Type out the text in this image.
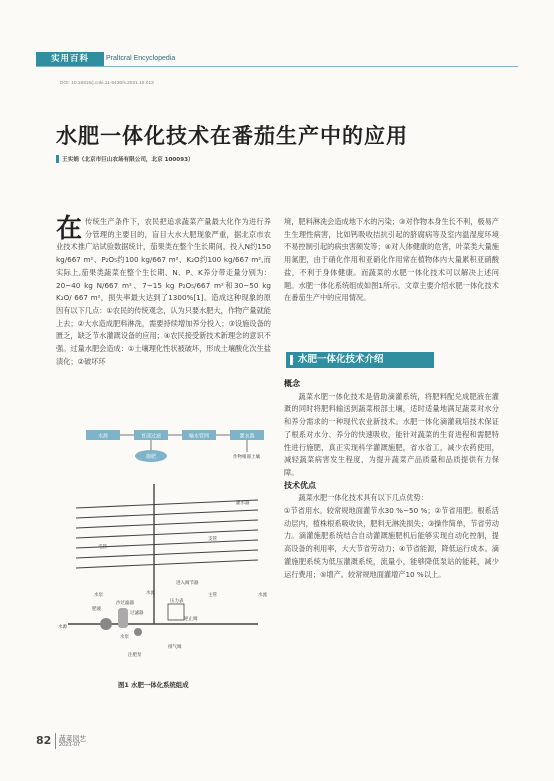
实用百科	Praltcral Encyclopedia
DOI: 10.16815/j.cnki.11-5436/s.2021.19.013
水肥一体化技术在番茄生产中的应用
王实娟（北京市巨山农场有限公司，北京 100093）

在传统生产条件下，农民把追求蔬菜产量最大化作为进行养分管理的主要目的，盲目大水大肥现象严重，据北京市农业技术推广站试验数据统计，茄果类在整个生长期间，投入N约150 kg/667 m²、P₂O₅约100 kg/667 m²、K₂O约100 kg/667 m²,而实际上,茄果类蔬菜在整个生长期、N、P、K养分带走量分别为：20~40 kg N/667 m²、7~15 kg P₂O₅/667 m²和30~50 kg K₂O/ 667 m²，损失率最大达到了1300%[1]。造成这种现象的原因有以下几点：①农民的传统观念，认为只要水肥大，作物产量就能上去；②大水造成肥料淋洗，需要持续增加养分投入；③设施设备的匮乏，缺乏节水灌溉设备的应用；④农民接受新技术新理念的意识不强。过量水肥会造成：①土壤理化性状被破坏，形成土壤酸化次生盐渍化；②破坏环

境，肥料淋洗会造成地下水的污染；③对作物本身生长不利，极易产生生理性病害，比如钙吸收拮抗引起的脐腐病等及室内温湿度环境不易控制引起的病虫害频发等；④对人体健康的危害，叶菜类大量施用氮肥，由于硝化作用和亚硝化作用常在植物体内大量累积亚硝酸盐，不利于身体健康。而蔬菜的水肥一体化技术可以解决上述问题。水肥一体化系统组成如图1所示。文章主要介绍水肥一体化技术在番茄生产中的应用情况。

水肥一体化技术介绍

概念

蔬菜水肥一体化技术是借助滴灌系统，将肥料配兑成肥液在灌溉的同时将肥料输送到蔬菜根部土壤，适时适量地满足蔬菜对水分和养分需求的一种现代农业新技术。水肥一体化滴灌栽培技术保证了根系对水分、养分的快速吸收，能针对蔬菜的生育进程和需肥特性进行施肥，真正实现科学灌溉施肥，省水省工，减少农药使用，减轻蔬菜病害发生程度，为提升蔬菜产品质量和品质提供有力保障。

技术优点

蔬菜水肥一体化技术具有以下几点优势：

①节省用水。较常规地面灌节水30 %~50 %；②节省用肥。根系活动层内，植株根系吸收快，肥料无淋洗损失；③操作简单，节省劳动力。滴灌施肥系统结合自动灌溉施肥机后能够实现自动化控制，提高设备的利用率，大大节省劳动力；④节省能源，降低运行成本。滴灌施肥系统为低压灌溉系统，流量小，能够降低泵站的能耗，减少运行费用；⑤增产。较常规地面灌增产10 %以上。

水源	首部过滤	输水管网	灌水器
施肥	作物根部土壤
灌水器
毛管
支管
进入阀节器
水流	主管	水流
压力表
逆止阀
水泵
肥液
沙过滤器
过滤器
水源
水泵
注肥泵
排气阀
图1 水肥一体化系统组成
82 蔬菜园艺
2021-07
